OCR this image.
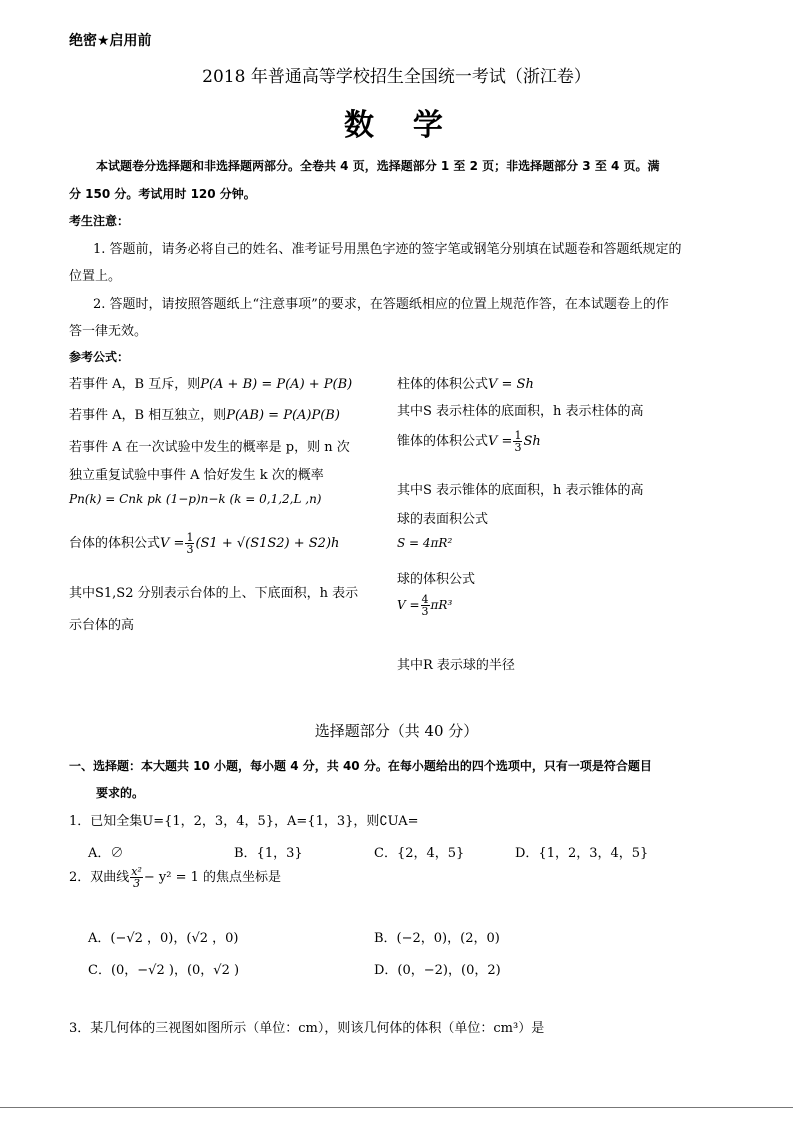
绝密★启用前
2018 年普通高等学校招生全国统一考试（浙江卷）
数  学
本试题卷分选择题和非选择题两部分。全卷共 4 页，选择题部分 1 至 2 页；非选择题部分 3 至 4 页。满
分 150 分。考试用时 120 分钟。
考生注意：
1. 答题前，请务必将自己的姓名、准考证号用黑色字迹的签字笔或钢笔分别填在试题卷和答题纸规定的
位置上。
2. 答题时，请按照答题纸上“注意事项”的要求，在答题纸相应的位置上规范作答，在本试题卷上的作
答一律无效。
参考公式：
若事件 A，B 互斥，则P(A + B) = P(A) + P(B)
若事件 A，B 相互独立，则P(AB) = P(A)P(B)
若事件 A 在一次试验中发生的概率是 p，则 n 次
独立重复试验中事件 A 恰好发生 k 次的概率
Pn(k) = Cnk pk (1−p)n−k (k = 0,1,2,L ,n)
台体的体积公式$V = \frac{1}{3} (S1 + √(S1S2) + S2)h$
其中S1,S2 分别表示台体的上、下底面积，h 表示
示台体的高
柱体的体积公式V = Sh
其中S 表示柱体的底面积，h 表示柱体的高
锥体的体积公式$V = \frac{1}{3}$ Sh
其中S 表示锥体的底面积，h 表示锥体的高
球的表面积公式
S = 4πR²
球的体积公式
$V = \frac{4}{3} \pi R^3$
其中R 表示球的半径
选择题部分（共 40 分）
一、选择题：本大题共 10 小题，每小题 4 分，共 40 分。在每小题给出的四个选项中，只有一项是符合题目
要求的。
1．已知全集U={1，2，3，4，5}，A={1，3}，则∁UA=
A．∅	B．{1，3}	C．{2，4，5}	D．{1，2，3，4，5}
2．双曲线 $\frac{\text{x²}}{3} - y^2 = 1$ 的焦点坐标是
A．(−√2 ，0)，(√2 ，0)	B．(−2，0)，(2，0)
C．(0，−√2 )，(0，√2 )	D．(0，−2)，(0，2)
3．某几何体的三视图如图所示（单位：cm），则该几何体的体积（单位：cm³）是
